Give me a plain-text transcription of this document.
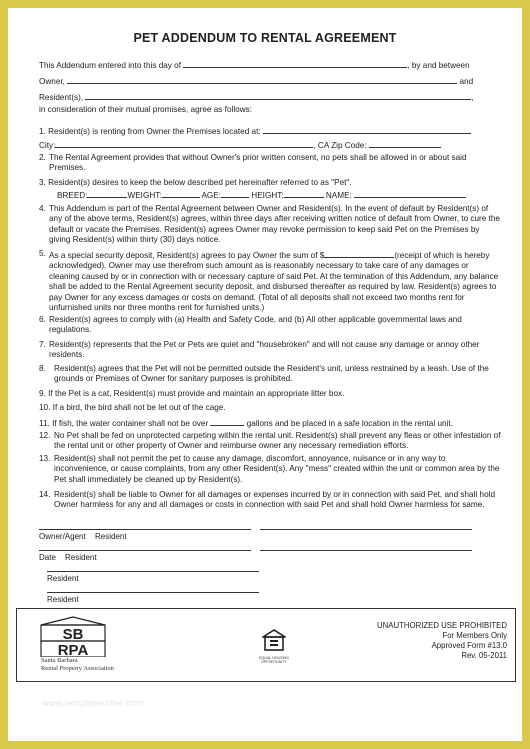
PET ADDENDUM TO RENTAL AGREEMENT
This Addendum entered into this day of	, by and between
Owner,	and
Resident(s),	,
in consideration of their mutual promises, agree as follows:
1. Resident(s) is renting from Owner the Premises located at:
City:	, CA Zip Code:
2. The Rental Agreement provides that without Owner's prior written consent, no pets shall be allowed in or about said Premises.
3. Resident(s) desires to keep the below described pet hereinafter referred to as "Pet".
BREED:	WEIGHT:	AGE:	HEIGHT:	NAME:
4. This Addendum is part of the Rental Agreement between Owner and Resident(s). In the event of default by Resident(s) of any of the above terms, Resident(s) agrees, within three days after receiving written notice of default from Owner, to cure the default or vacate the Premises. Resident(s) agrees Owner may revoke permission to keep said Pet on the Premises by giving Resident(s) within thirty (30) days notice.
5. As a special security deposit, Resident(s) agrees to pay Owner the sum of $	(receipt of which is hereby acknowledged). Owner may use therefrom such amount as is reasonably necessary to take care of any damages or cleaning caused by or in connection with or necessary capture of said Pet. At the termination of this Addendum, any balance shall be added to the Rental Agreement security deposit, and disbursed thereafter as required by law. Resident(s) agrees to pay Owner for any excess damages or costs on demand. (Total of all deposits shall not exceed two months rent for unfurnished units nor three months rent for furnished units.)
6. Resident(s) agrees to comply with (a) Health and Safety Code, and (b) All other applicable governmental laws and regulations.
7. Resident(s) represents that the Pet or Pets are quiet and "housebroken" and will not cause any damage or annoy other residents.
8. Resident(s) agrees that the Pet will not be permitted outside the Resident's unit, unless restrained by a leash. Use of the grounds or Premises of Owner for sanitary purposes is prohibited.
9. If the Pet is a cat, Resident(s) must provide and maintain an appropriate litter box.
10. If a bird, the bird shall not be let out of the cage.
11. If fish, the water container shall not be over	gallons and be placed in a safe location in the rental unit.
12. No Pet shall be fed on unprotected carpeting within the rental unit. Resident(s) shall prevent any fleas or other infestation of the rental unit or other property of Owner and reimburse owner any necessary remediation efforts.
13. Resident(s) shall not permit the pet to cause any damage, discomfort, annoyance, nuisance or in any way to inconvenience, or cause complaints, from any other Resident(s). Any "mess" created within the unit or common area by the Pet shall immediately be cleaned up by Resident(s).
14. Resident(s) shall be liable to Owner for all damages or expenses incurred by or in connection with said Pet, and shall hold Owner harmless for any and all damages or costs in connection with said Pet and shall hold Owner harmless for same.
Owner/Agent Resident
Date Resident
Resident
Resident
SB
RPA
Santa Barbara
Rental Property Association
EQUAL HOUSING
OPPORTUNITY
UNAUTHORIZED USE PROHIBITED
For Members Only
Approved Form #13.0
Rev. 05-2011
www.templateroller.com
